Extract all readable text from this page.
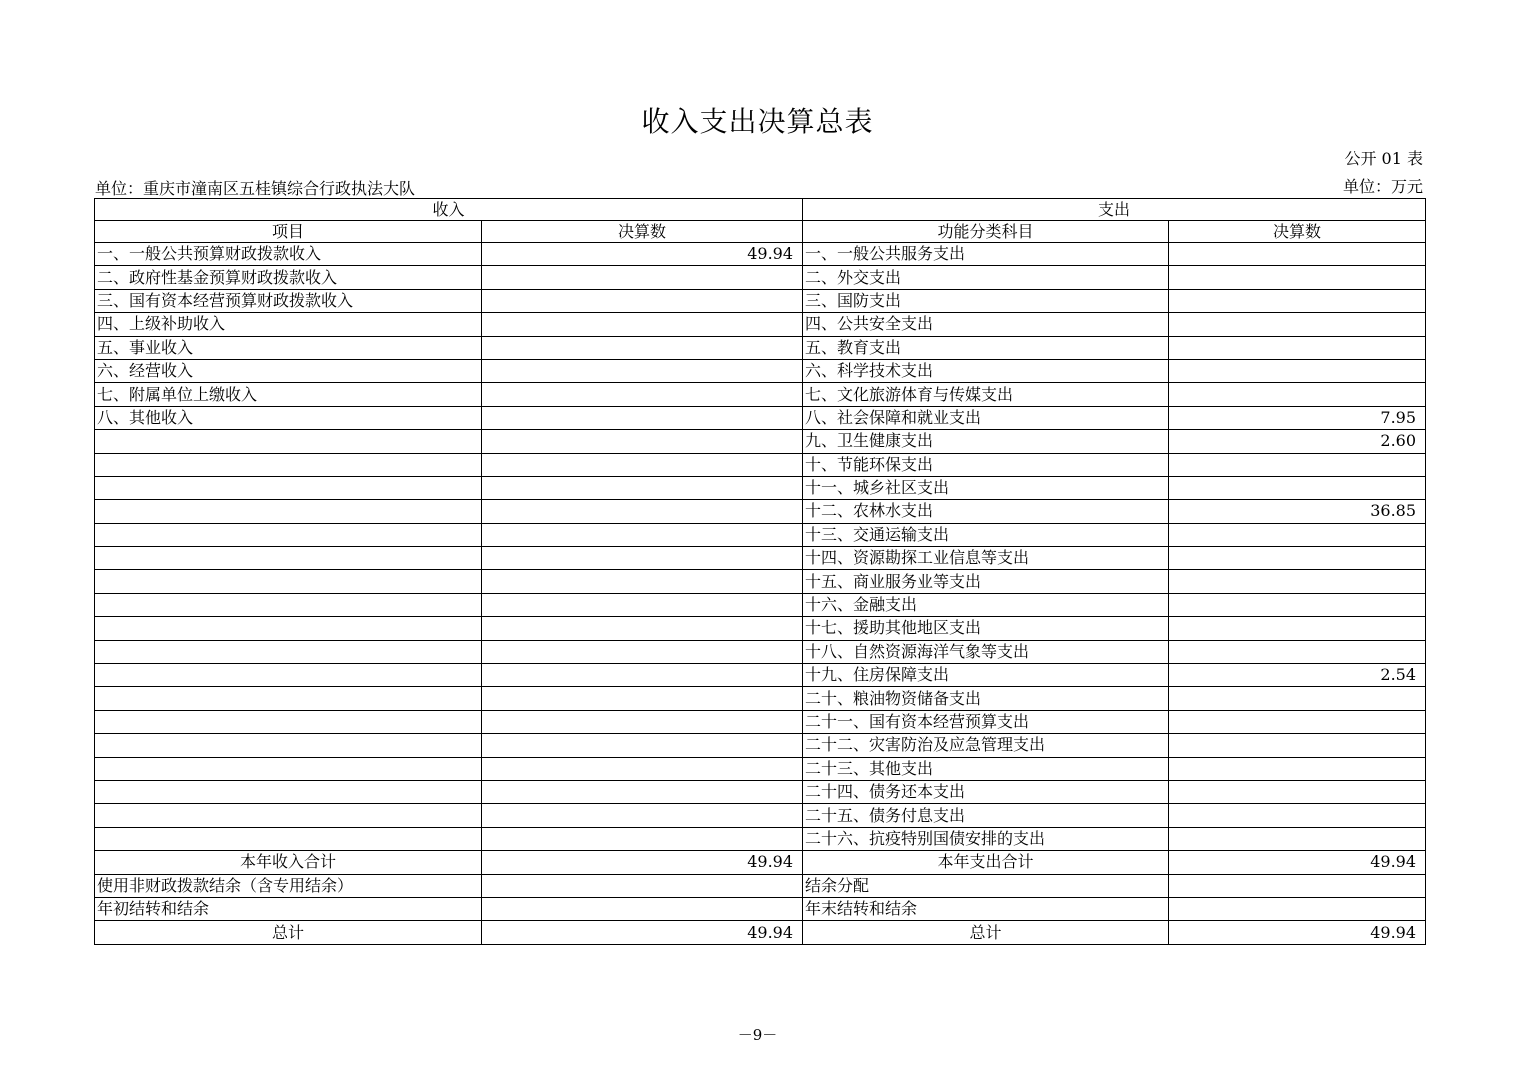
收入支出决算总表
公开 01 表
单位：重庆市潼南区五桂镇综合行政执法大队	单位：万元
收入		支出	
项目	决算数	功能分类科目	决算数
一、一般公共预算财政拨款收入	49.94	一、一般公共服务支出	
二、政府性基金预算财政拨款收入		二、外交支出	
三、国有资本经营预算财政拨款收入		三、国防支出	
四、上级补助收入		四、公共安全支出	
五、事业收入		五、教育支出	
六、经营收入		六、科学技术支出	
七、附属单位上缴收入		七、文化旅游体育与传媒支出	
八、其他收入		八、社会保障和就业支出	7.95
		九、卫生健康支出	2.60
		十、节能环保支出	
		十一、城乡社区支出	
		十二、农林水支出	36.85
		十三、交通运输支出	
		十四、资源勘探工业信息等支出	
		十五、商业服务业等支出	
		十六、金融支出	
		十七、援助其他地区支出	
		十八、自然资源海洋气象等支出	
		十九、住房保障支出	2.54
		二十、粮油物资储备支出	
		二十一、国有资本经营预算支出	
		二十二、灾害防治及应急管理支出	
		二十三、其他支出	
		二十四、债务还本支出	
		二十五、债务付息支出	
		二十六、抗疫特别国债安排的支出	
本年收入合计	49.94	本年支出合计	49.94
使用非财政拨款结余（含专用结余）		结余分配	
年初结转和结余		年末结转和结余	
总计	49.94	总计	49.94
－9－
